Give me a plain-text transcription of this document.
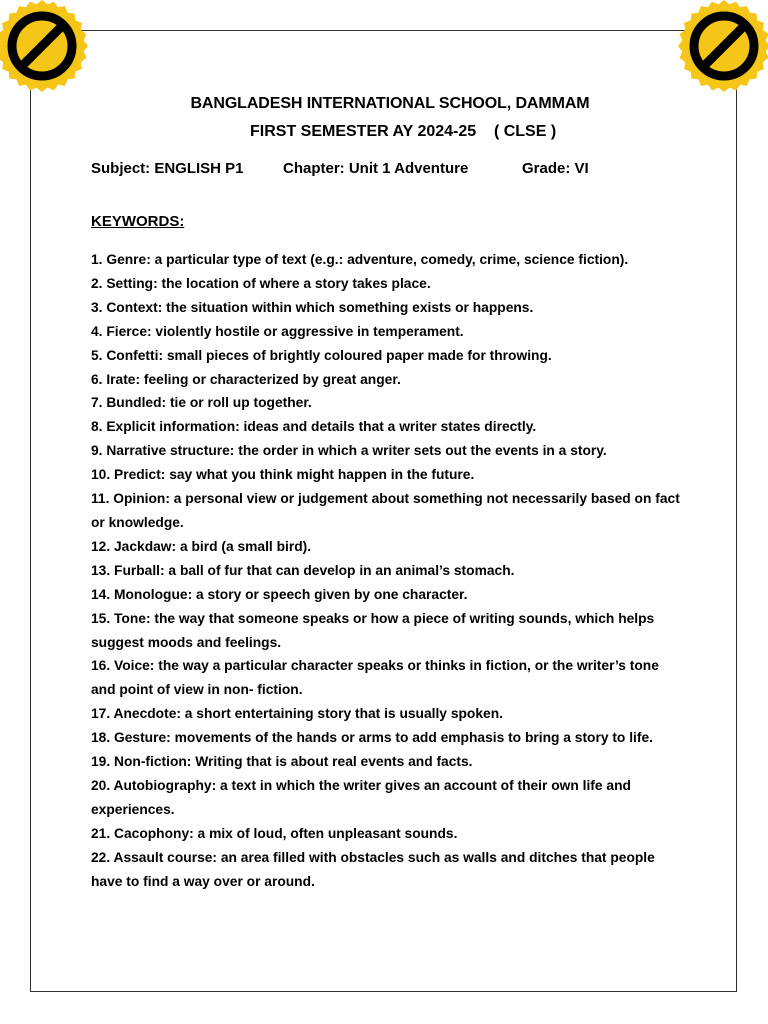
BANGLADESH INTERNATIONAL SCHOOL, DAMMAM
FIRST SEMESTER AY 2024-25    ( CLSE )
Subject: ENGLISH P1	Chapter: Unit 1 Adventure	Grade: VI
KEYWORDS:
1. Genre: a particular type of text (e.g.: adventure, comedy, crime, science fiction).
2. Setting: the location of where a story takes place.
3. Context: the situation within which something exists or happens.
4. Fierce: violently hostile or aggressive in temperament.
5. Confetti: small pieces of brightly coloured paper made for throwing.
6. Irate: feeling or characterized by great anger.
7. Bundled: tie or roll up together.
8. Explicit information: ideas and details that a writer states directly.
9. Narrative structure: the order in which a writer sets out the events in a story.
10. Predict: say what you think might happen in the future.
11. Opinion: a personal view or judgement about something not necessarily based on fact or knowledge.
12. Jackdaw: a bird (a small bird).
13. Furball: a ball of fur that can develop in an animal’s stomach.
14. Monologue: a story or speech given by one character.
15. Tone: the way that someone speaks or how a piece of writing sounds, which helps suggest moods and feelings.
16. Voice: the way a particular character speaks or thinks in fiction, or the writer’s tone and point of view in non- fiction.
17. Anecdote: a short entertaining story that is usually spoken.
18. Gesture: movements of the hands or arms to add emphasis to bring a story to life.
19. Non-fiction: Writing that is about real events and facts.
20. Autobiography: a text in which the writer gives an account of their own life and experiences.
21. Cacophony: a mix of loud, often unpleasant sounds.
22. Assault course: an area filled with obstacles such as walls and ditches that people have to find a way over or around.
